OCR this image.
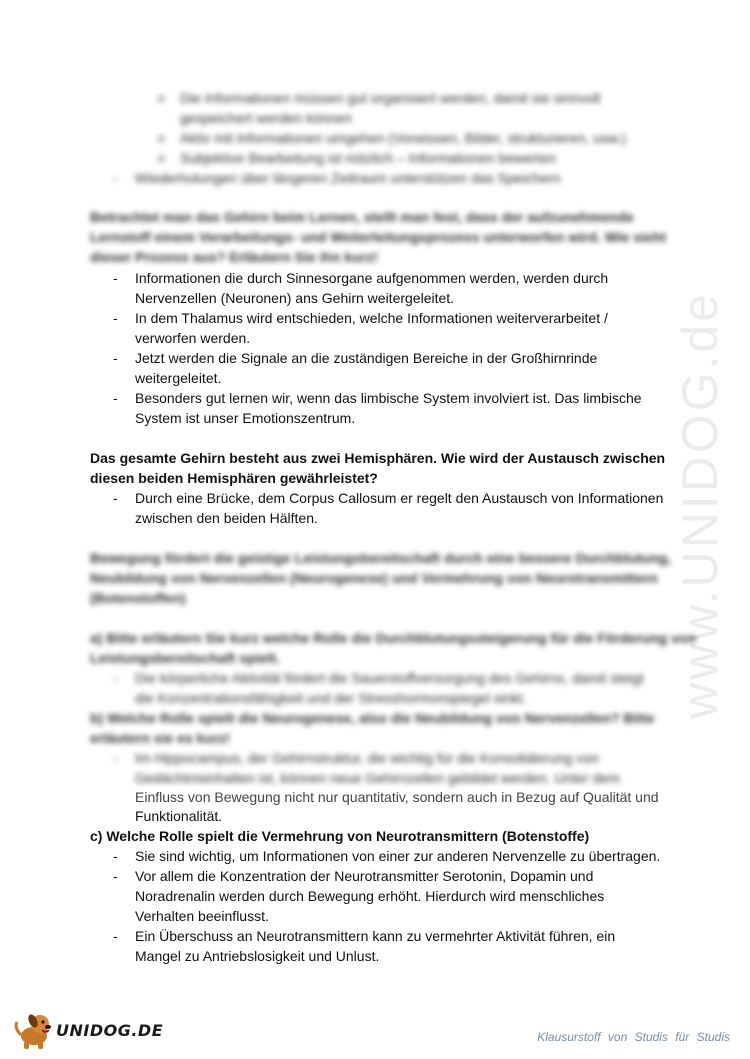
www.UNIDOG.de
o Die Informationen müssen gut organisiert werden, damit sie sinnvoll
gespeichert werden können
o Aktiv mit Informationen umgehen (Vorwissen, Bilder, strukturieren, usw.)
o Subjektive Bearbeitung ist nützlich – Informationen bewerten
- Wiederholungen über längeren Zeitraum unterstützen das Speichern
Betrachtet man das Gehirn beim Lernen, stellt man fest, dass der aufzunehmende
Lernstoff einem Verarbeitungs- und Weiterleitungsprozess unterworfen wird. Wie sieht
dieser Prozess aus? Erläutern Sie ihn kurz!
- Informationen die durch Sinnesorgane aufgenommen werden, werden durch
Nervenzellen (Neuronen) ans Gehirn weitergeleitet.
- In dem Thalamus wird entschieden, welche Informationen weiterverarbeitet /
verworfen werden.
- Jetzt werden die Signale an die zuständigen Bereiche in der Großhirnrinde
weitergeleitet.
- Besonders gut lernen wir, wenn das limbische System involviert ist. Das limbische
System ist unser Emotionszentrum.
Das gesamte Gehirn besteht aus zwei Hemisphären. Wie wird der Austausch zwischen
diesen beiden Hemisphären gewährleistet?
- Durch eine Brücke, dem Corpus Callosum er regelt den Austausch von Informationen
zwischen den beiden Hälften.
Bewegung fördert die geistige Leistungsbereitschaft durch eine bessere Durchblutung,
Neubildung von Nervenzellen (Neurogenese) und Vermehrung von Neurotransmittern
(Botenstoffen)
a) Bitte erläutern Sie kurz welche Rolle die Durchblutungssteigerung für die Förderung von
Leistungsbereitschaft spielt.
- Die körperliche Aktivität fördert die Sauerstoffversorgung des Gehirns, damit steigt
die Konzentrationsfähigkeit und der Stresshormonspiegel sinkt.
b) Welche Rolle spielt die Neurogenese, also die Neubildung von Nervenzellen? Bitte
erläutern sie es kurz!
- Im Hippocampus, der Gehirnstruktur, die wichtig für die Konsolidierung von
Gedächtnisinhalten ist, können neue Gehirnzellen gebildet werden. Unter dem
Einfluss von Bewegung nicht nur quantitativ, sondern auch in Bezug auf Qualität und
Funktionalität.
c) Welche Rolle spielt die Vermehrung von Neurotransmittern (Botenstoffe)
- Sie sind wichtig, um Informationen von einer zur anderen Nervenzelle zu übertragen.
- Vor allem die Konzentration der Neurotransmitter Serotonin, Dopamin und
Noradrenalin werden durch Bewegung erhöht. Hierdurch wird menschliches
Verhalten beeinflusst.
- Ein Überschuss an Neurotransmittern kann zu vermehrter Aktivität führen, ein
Mangel zu Antriebslosigkeit und Unlust.
UNIDOG.DE	Klausurstoff von Studis für Studis
